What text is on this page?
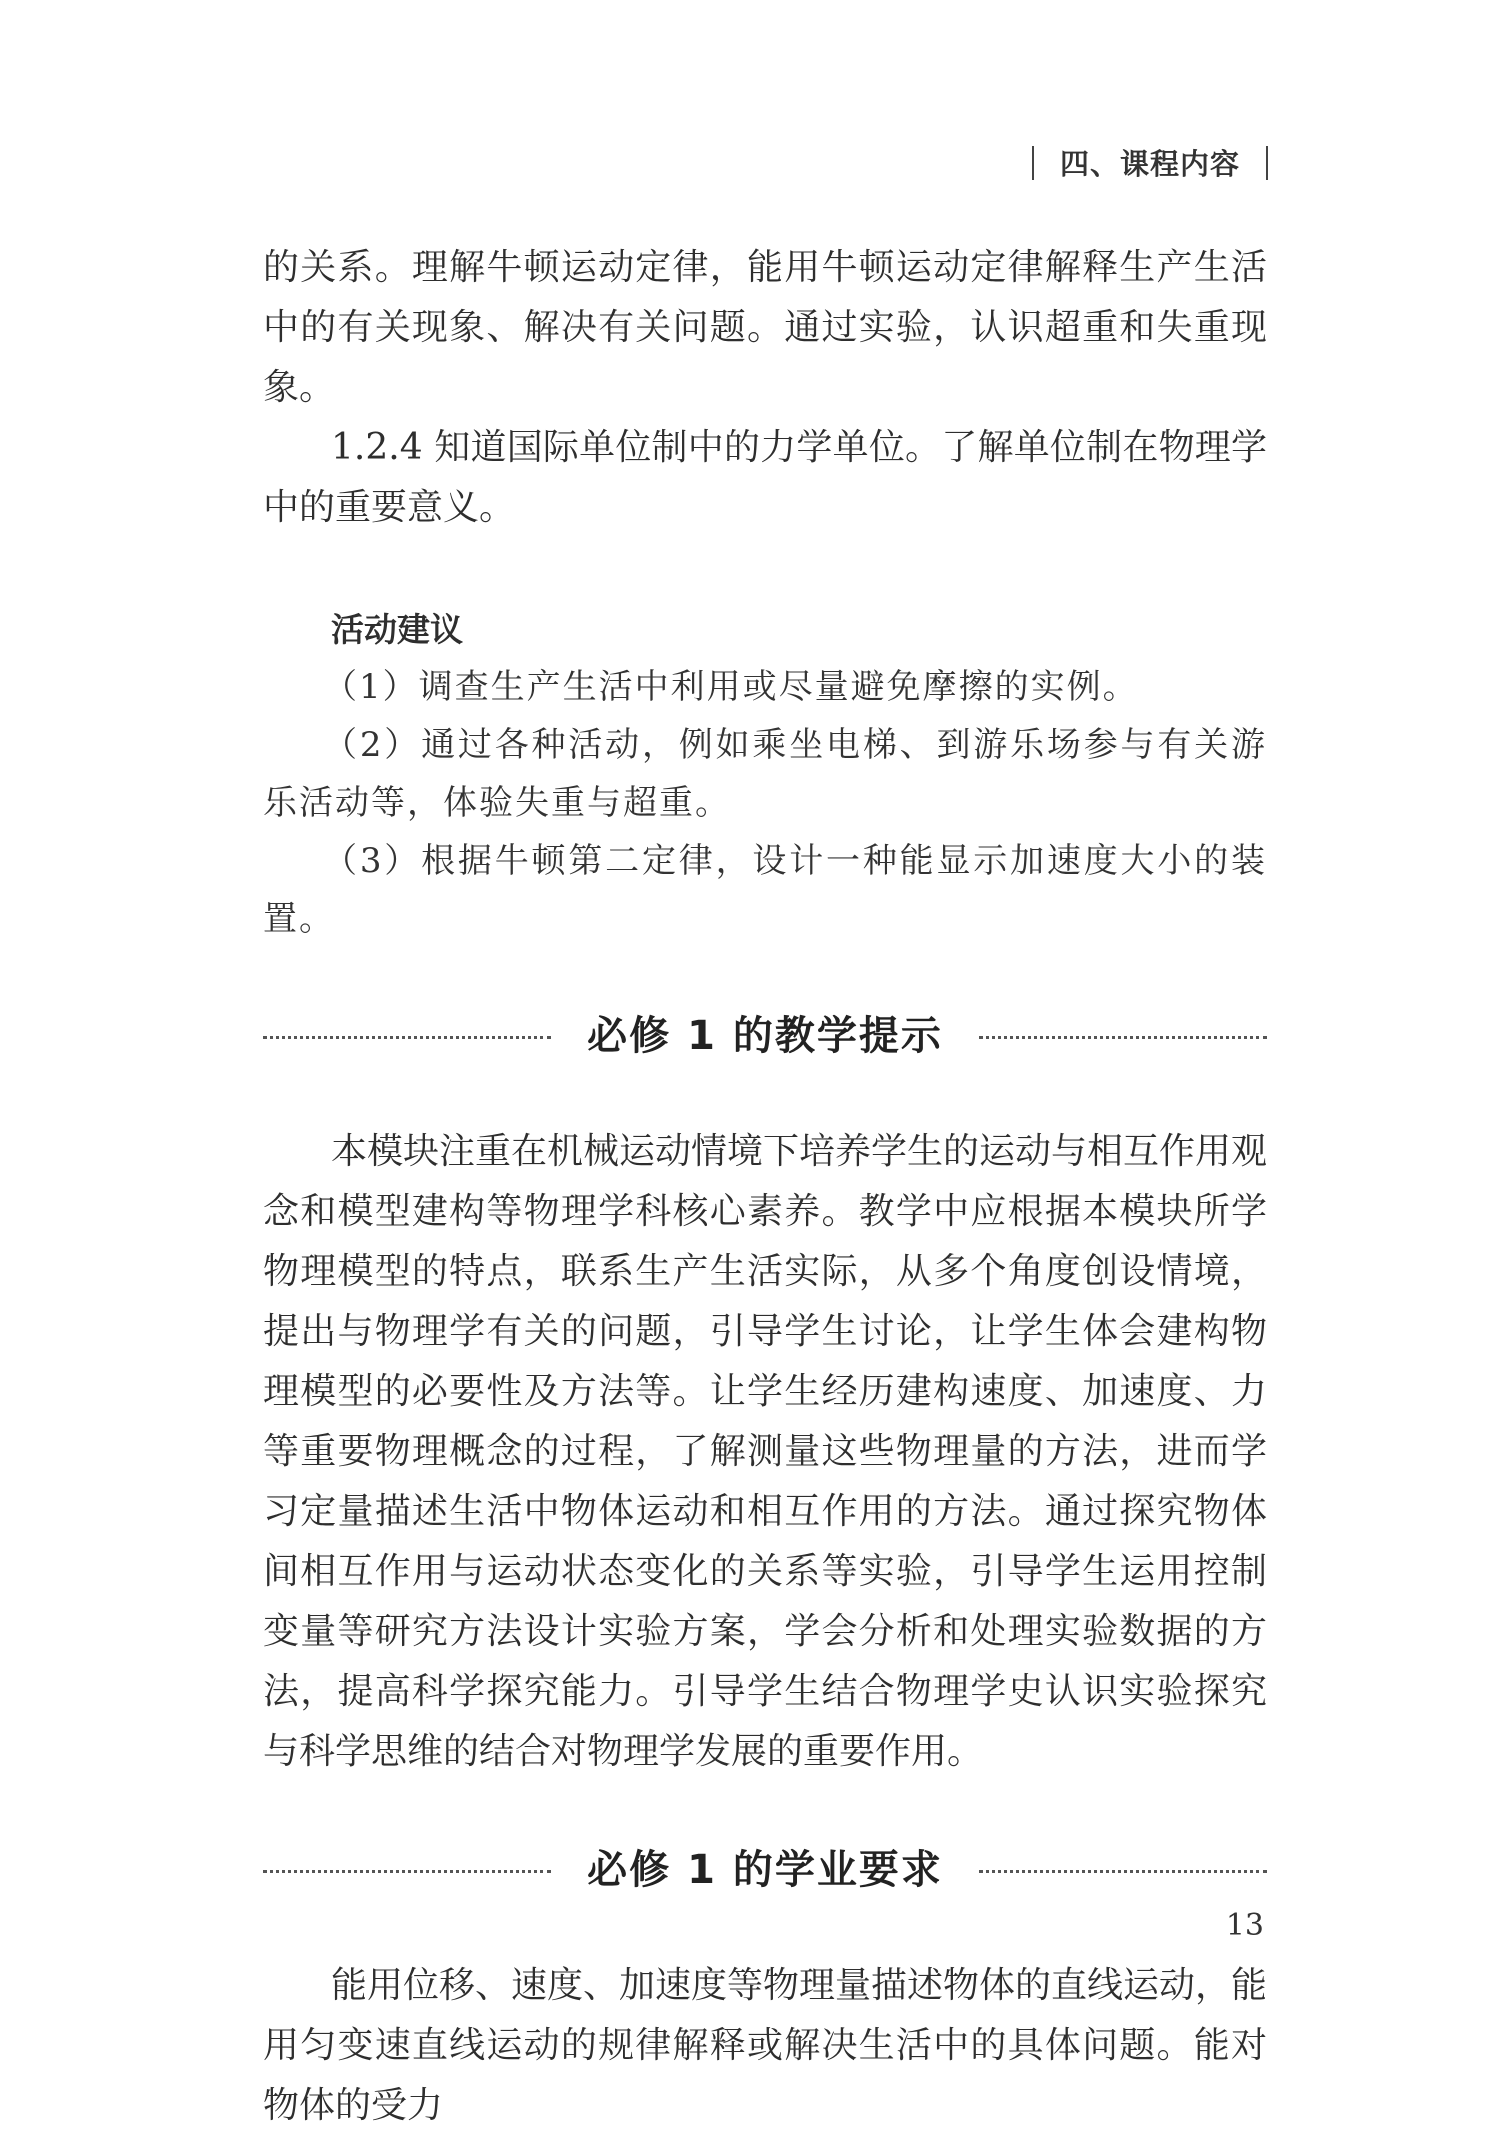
四、课程内容

的关系。理解牛顿运动定律，能用牛顿运动定律解释生产生活中的有关现象、解决有关问题。通过实验，认识超重和失重现象。

1.2.4 知道国际单位制中的力学单位。了解单位制在物理学中的重要意义。

活动建议

（1）调查生产生活中利用或尽量避免摩擦的实例。

（2）通过各种活动，例如乘坐电梯、到游乐场参与有关游乐活动等，体验失重与超重。

（3）根据牛顿第二定律，设计一种能显示加速度大小的装置。

必修 1 的教学提示

本模块注重在机械运动情境下培养学生的运动与相互作用观念和模型建构等物理学科核心素养。教学中应根据本模块所学物理模型的特点，联系生产生活实际，从多个角度创设情境，提出与物理学有关的问题，引导学生讨论，让学生体会建构物理模型的必要性及方法等。让学生经历建构速度、加速度、力等重要物理概念的过程，了解测量这些物理量的方法，进而学习定量描述生活中物体运动和相互作用的方法。通过探究物体间相互作用与运动状态变化的关系等实验，引导学生运用控制变量等研究方法设计实验方案，学会分析和处理实验数据的方法，提高科学探究能力。引导学生结合物理学史认识实验探究与科学思维的结合对物理学发展的重要作用。

必修 1 的学业要求

能用位移、速度、加速度等物理量描述物体的直线运动，能用匀变速直线运动的规律解释或解决生活中的具体问题。能对物体的受力

13
